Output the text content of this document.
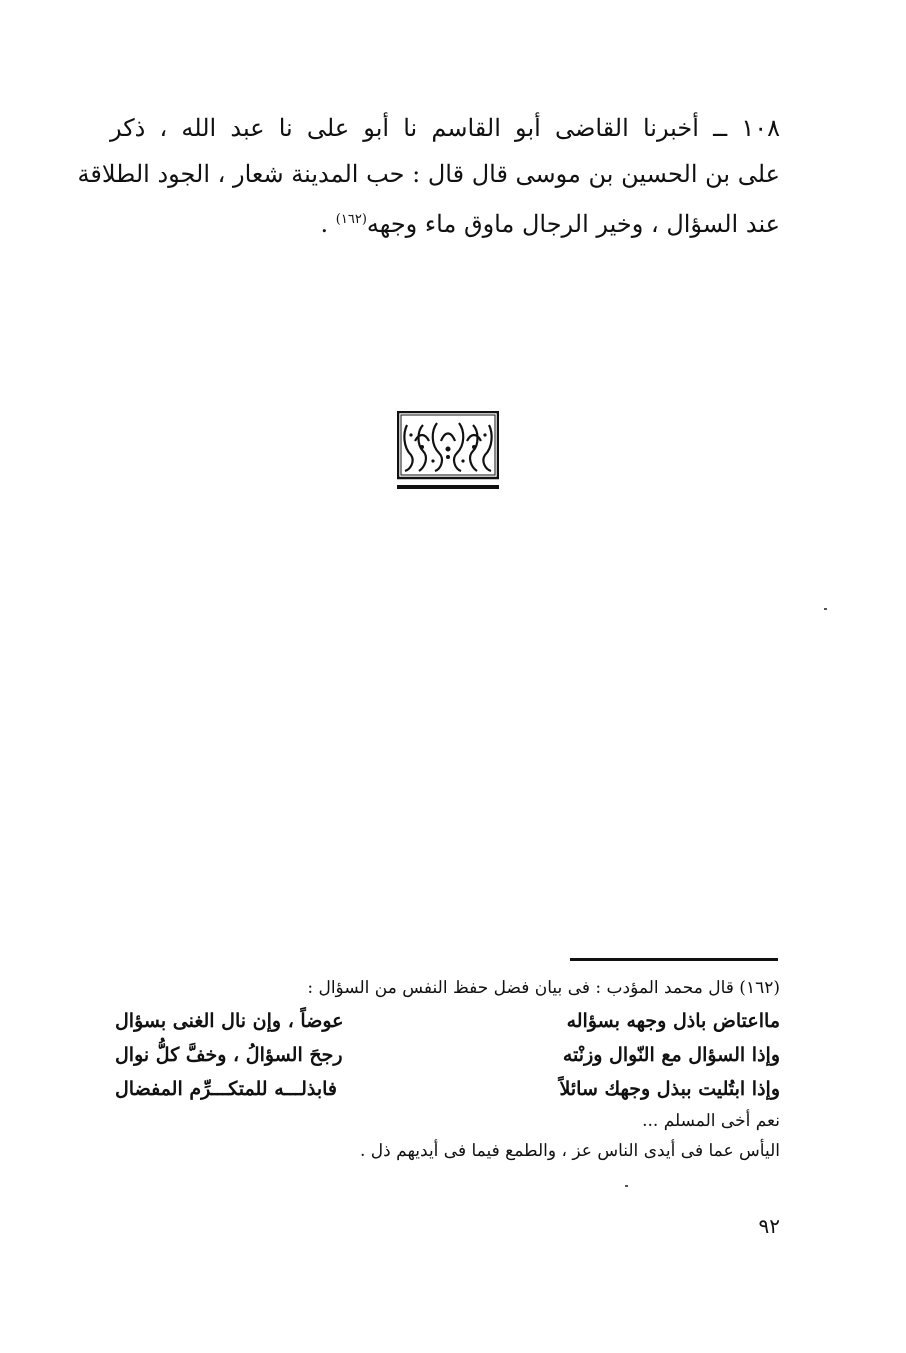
١٠٨ ــ أخبرنا القاضى أبو القاسم نا أبو على نا عبد الله ، ذكر
على بن الحسين بن موسى قال قال : حب المدينة شعار ، الجود الطلاقة
عند السؤال ، وخير الرجال ماوق ماء وجهه$^{(١٦٢)}$ .
(١٦٢) قال محمد المؤدب : فى بيان فضل حفظ النفس من السؤال :
مااعتاض باذل وجهه بسؤاله
عوضاً ، وإن نال الغنى بسؤال
وإذا السؤال مع النّوال وزنْته
رجحَ السؤالُ ، وخفَّ كلُّ نوال
وإذا ابتُليت ببذل وجهك سائلاً
فابذلـــه للمتكـــرِّم المفضال
نعم أخى المسلم ...
اليأس عما فى أيدى الناس عز ، والطمع فيما فى أيديهم ذل .
٩٢
